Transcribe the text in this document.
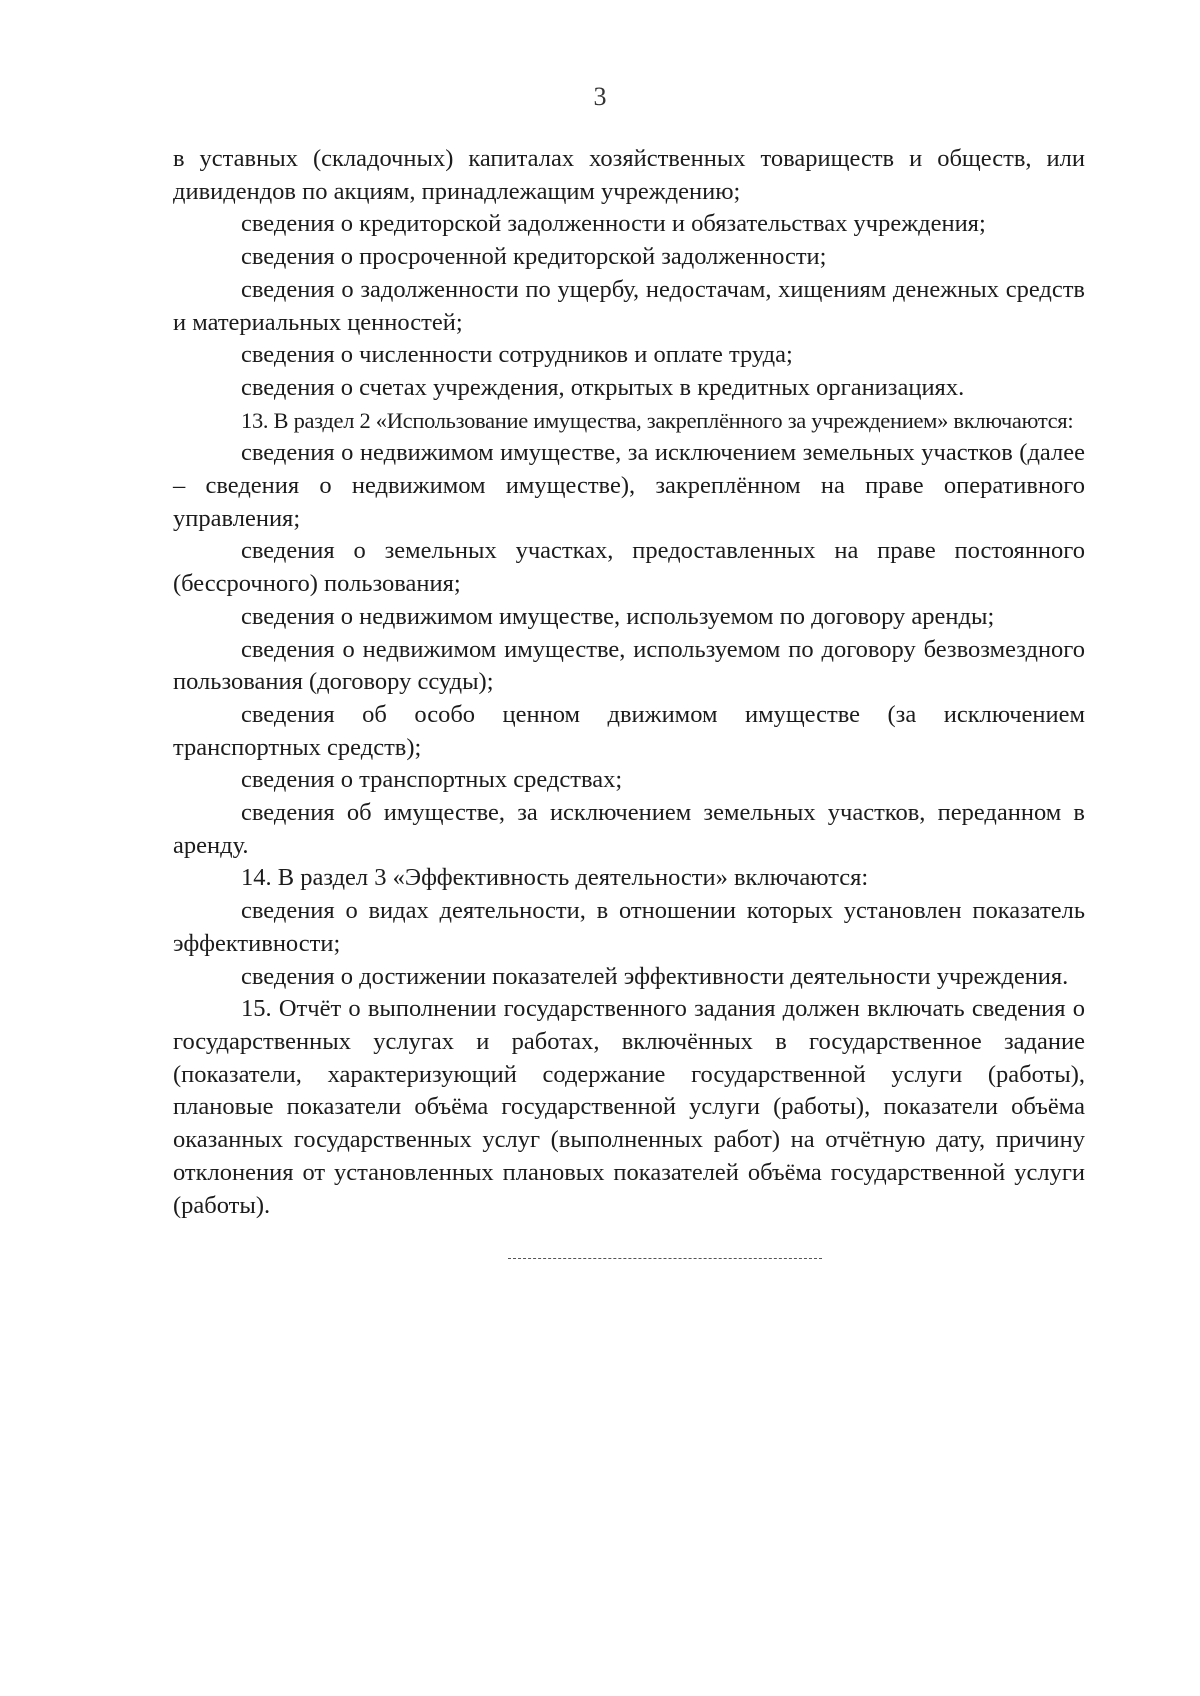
3

в уставных (складочных) капиталах хозяйственных товариществ и обществ, или дивидендов по акциям, принадлежащим учреждению;

сведения о кредиторской задолженности и обязательствах учреждения;

сведения о просроченной кредиторской задолженности;

сведения о задолженности по ущербу, недостачам, хищениям денежных средств и материальных ценностей;

сведения о численности сотрудников и оплате труда;

сведения о счетах учреждения, открытых в кредитных организациях.

13. В раздел 2 «Использование имущества, закреплённого за учреждением» включаются:

сведения о недвижимом имуществе, за исключением земельных участков (далее – сведения о недвижимом имуществе), закреплённом на праве оперативного управления;

сведения о земельных участках, предоставленных на праве постоянного (бессрочного) пользования;

сведения о недвижимом имуществе, используемом по договору аренды;

сведения о недвижимом имуществе, используемом по договору безвозмездного пользования (договору ссуды);

сведения об особо ценном движимом имуществе (за исключением транспортных средств);

сведения о транспортных средствах;

сведения об имуществе, за исключением земельных участков, переданном в аренду.

14. В раздел 3 «Эффективность деятельности» включаются:

сведения о видах деятельности, в отношении которых установлен показатель эффективности;

сведения о достижении показателей эффективности деятельности учреждения.

15. Отчёт о выполнении государственного задания должен включать сведения о государственных услугах и работах, включённых в государственное задание (показатели, характеризующий содержание государственной услуги (работы), плановые показатели объёма государственной услуги (работы), показатели объёма оказанных государственных услуг (выполненных работ) на отчётную дату, причину отклонения от установленных плановых показателей объёма государственной услуги (работы).
